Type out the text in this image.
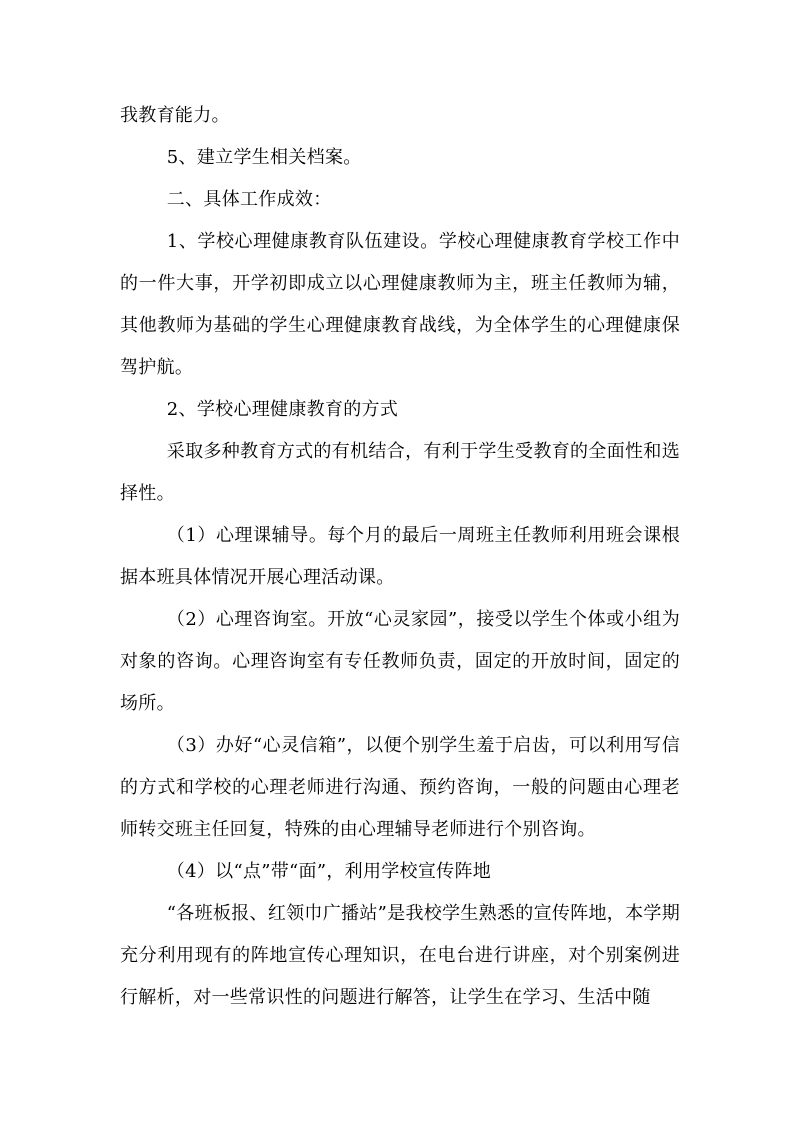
我教育能力。

5、建立学生相关档案。

二、具体工作成效：

1、学校心理健康教育队伍建设。学校心理健康教育学校工作中的一件大事，开学初即成立以心理健康教师为主，班主任教师为辅，其他教师为基础的学生心理健康教育战线，为全体学生的心理健康保驾护航。

2、学校心理健康教育的方式

采取多种教育方式的有机结合，有利于学生受教育的全面性和选择性。

（1）心理课辅导。每个月的最后一周班主任教师利用班会课根据本班具体情况开展心理活动课。

（2）心理咨询室。开放“心灵家园”，接受以学生个体或小组为对象的咨询。心理咨询室有专任教师负责，固定的开放时间，固定的场所。

（3）办好“心灵信箱”，以便个别学生羞于启齿，可以利用写信的方式和学校的心理老师进行沟通、预约咨询，一般的问题由心理老师转交班主任回复，特殊的由心理辅导老师进行个别咨询。

（4）以“点”带“面”，利用学校宣传阵地

“各班板报、红领巾广播站”是我校学生熟悉的宣传阵地，本学期充分利用现有的阵地宣传心理知识，在电台进行讲座，对个别案例进行解析，对一些常识性的问题进行解答，让学生在学习、生活中随
